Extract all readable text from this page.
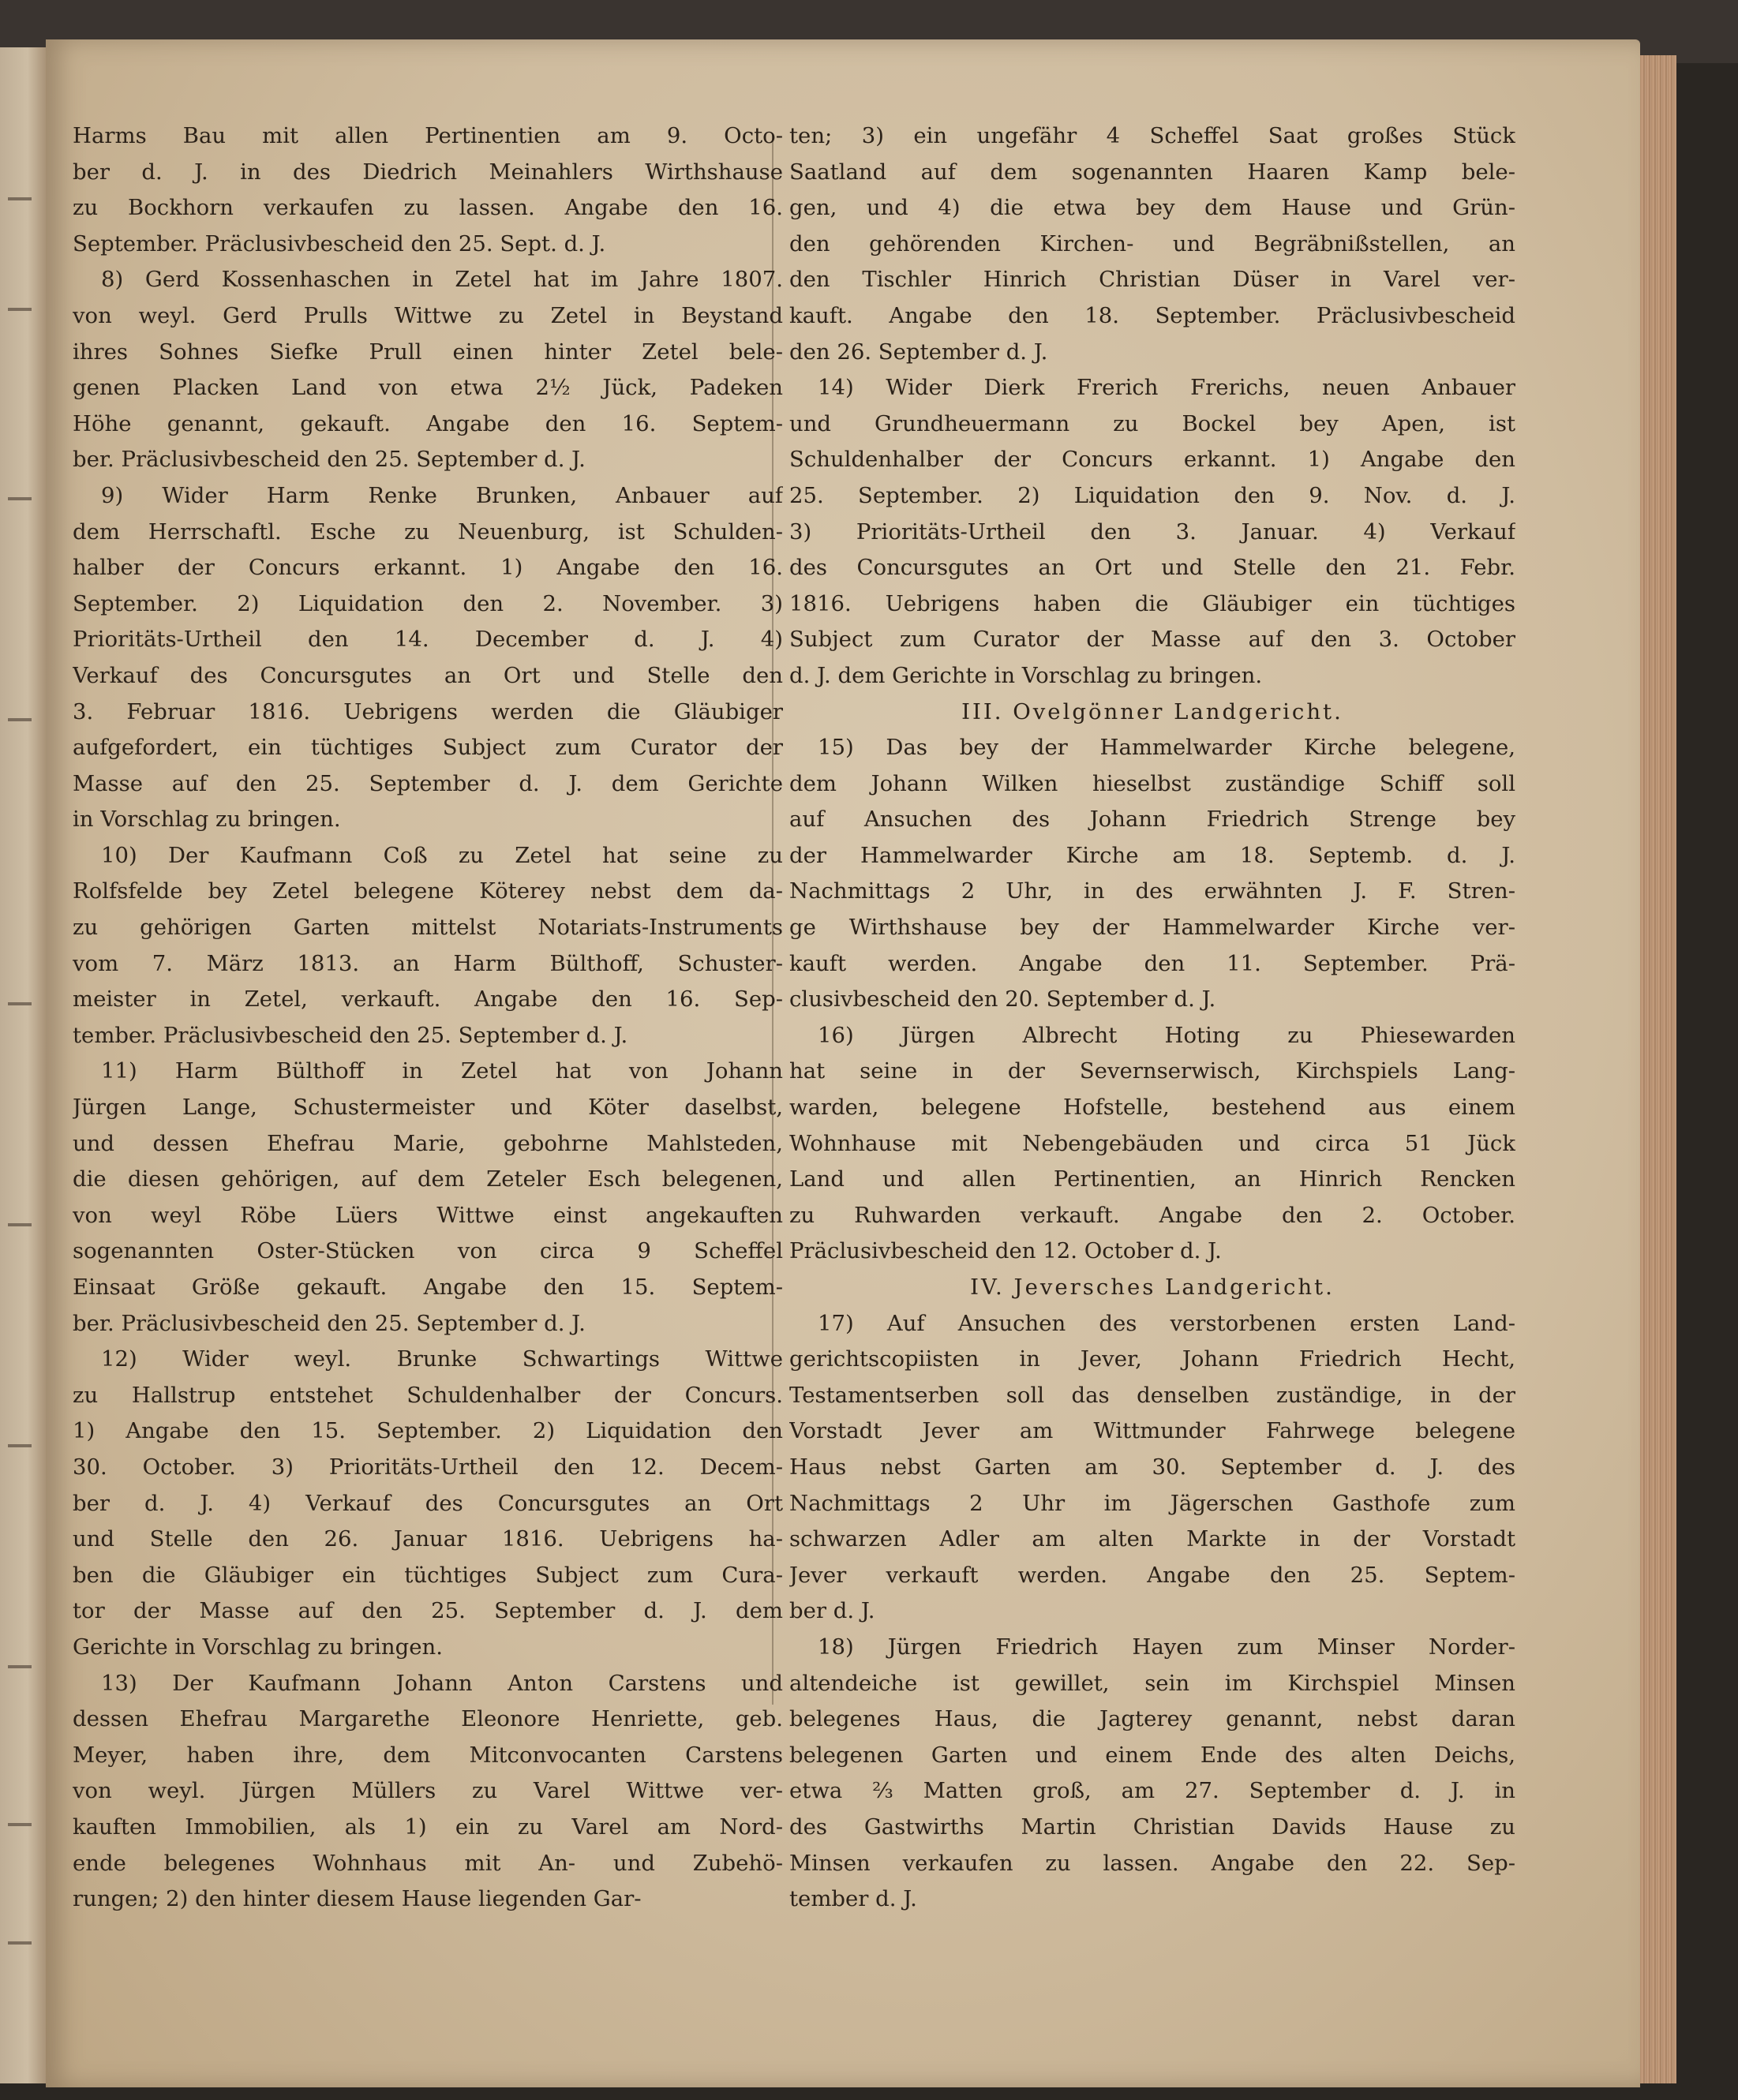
Harms Bau mit allen Pertinentien am 9. Octo-
ber d. J. in des Diedrich Meinahlers Wirthshause
zu Bockhorn verkaufen zu lassen. Angabe den 16.
September. Präclusivbescheid den 25. Sept. d. J.
8) Gerd Kossenhaschen in Zetel hat im Jahre 1807.
von weyl. Gerd Prulls Wittwe zu Zetel in Beystand
ihres Sohnes Siefke Prull einen hinter Zetel bele-
genen Placken Land von etwa 2½ Jück, Padeken
Höhe genannt, gekauft. Angabe den 16. Septem-
ber. Präclusivbescheid den 25. September d. J.
9) Wider Harm Renke Brunken, Anbauer auf
dem Herrschaftl. Esche zu Neuenburg, ist Schulden-
halber der Concurs erkannt. 1) Angabe den 16.
September. 2) Liquidation den 2. November. 3)
Prioritäts-Urtheil den 14. December d. J. 4)
Verkauf des Concursgutes an Ort und Stelle den
3. Februar 1816. Uebrigens werden die Gläubiger
aufgefordert, ein tüchtiges Subject zum Curator der
Masse auf den 25. September d. J. dem Gerichte
in Vorschlag zu bringen.
10) Der Kaufmann Coß zu Zetel hat seine zu
Rolfsfelde bey Zetel belegene Köterey nebst dem da-
zu gehörigen Garten mittelst Notariats-Instruments
vom 7. März 1813. an Harm Bülthoff, Schuster-
meister in Zetel, verkauft. Angabe den 16. Sep-
tember. Präclusivbescheid den 25. September d. J.
11) Harm Bülthoff in Zetel hat von Johann
Jürgen Lange, Schustermeister und Köter daselbst,
und dessen Ehefrau Marie, gebohrne Mahlsteden,
die diesen gehörigen, auf dem Zeteler Esch belegenen,
von weyl Röbe Lüers Wittwe einst angekauften
sogenannten Oster-Stücken von circa 9 Scheffel
Einsaat Größe gekauft. Angabe den 15. Septem-
ber. Präclusivbescheid den 25. September d. J.
12) Wider weyl. Brunke Schwartings Wittwe
zu Hallstrup entstehet Schuldenhalber der Concurs.
1) Angabe den 15. September. 2) Liquidation den
30. October. 3) Prioritäts-Urtheil den 12. Decem-
ber d. J. 4) Verkauf des Concursgutes an Ort
und Stelle den 26. Januar 1816. Uebrigens ha-
ben die Gläubiger ein tüchtiges Subject zum Cura-
tor der Masse auf den 25. September d. J. dem
Gerichte in Vorschlag zu bringen.
13) Der Kaufmann Johann Anton Carstens und
dessen Ehefrau Margarethe Eleonore Henriette, geb.
Meyer, haben ihre, dem Mitconvocanten Carstens
von weyl. Jürgen Müllers zu Varel Wittwe ver-
kauften Immobilien, als 1) ein zu Varel am Nord-
ende belegenes Wohnhaus mit An- und Zubehö-
rungen; 2) den hinter diesem Hause liegenden Gar-
ten; 3) ein ungefähr 4 Scheffel Saat großes Stück
Saatland auf dem sogenannten Haaren Kamp bele-
gen, und 4) die etwa bey dem Hause und Grün-
den gehörenden Kirchen- und Begräbnißstellen, an
den Tischler Hinrich Christian Düser in Varel ver-
kauft. Angabe den 18. September. Präclusivbescheid
den 26. September d. J.
14) Wider Dierk Frerich Frerichs, neuen Anbauer
und Grundheuermann zu Bockel bey Apen, ist
Schuldenhalber der Concurs erkannt. 1) Angabe den
25. September. 2) Liquidation den 9. Nov. d. J.
3) Prioritäts-Urtheil den 3. Januar. 4) Verkauf
des Concursgutes an Ort und Stelle den 21. Febr.
1816. Uebrigens haben die Gläubiger ein tüchtiges
Subject zum Curator der Masse auf den 3. October
d. J. dem Gerichte in Vorschlag zu bringen.
III. Ovelgönner Landgericht.
15) Das bey der Hammelwarder Kirche belegene,
dem Johann Wilken hieselbst zuständige Schiff soll
auf Ansuchen des Johann Friedrich Strenge bey
der Hammelwarder Kirche am 18. Septemb. d. J.
Nachmittags 2 Uhr, in des erwähnten J. F. Stren-
ge Wirthshause bey der Hammelwarder Kirche ver-
kauft werden. Angabe den 11. September. Prä-
clusivbescheid den 20. September d. J.
16) Jürgen Albrecht Hoting zu Phiesewarden
hat seine in der Severnserwisch, Kirchspiels Lang-
warden, belegene Hofstelle, bestehend aus einem
Wohnhause mit Nebengebäuden und circa 51 Jück
Land und allen Pertinentien, an Hinrich Rencken
zu Ruhwarden verkauft. Angabe den 2. October.
Präclusivbescheid den 12. October d. J.
IV. Jeversches Landgericht.
17) Auf Ansuchen des verstorbenen ersten Land-
gerichtscopiisten in Jever, Johann Friedrich Hecht,
Testamentserben soll das denselben zuständige, in der
Vorstadt Jever am Wittmunder Fahrwege belegene
Haus nebst Garten am 30. September d. J. des
Nachmittags 2 Uhr im Jägerschen Gasthofe zum
schwarzen Adler am alten Markte in der Vorstadt
Jever verkauft werden. Angabe den 25. Septem-
ber d. J.
18) Jürgen Friedrich Hayen zum Minser Norder-
altendeiche ist gewillet, sein im Kirchspiel Minsen
belegenes Haus, die Jagterey genannt, nebst daran
belegenen Garten und einem Ende des alten Deichs,
etwa ⅔ Matten groß, am 27. September d. J. in
des Gastwirths Martin Christian Davids Hause zu
Minsen verkaufen zu lassen. Angabe den 22. Sep-
tember d. J.
